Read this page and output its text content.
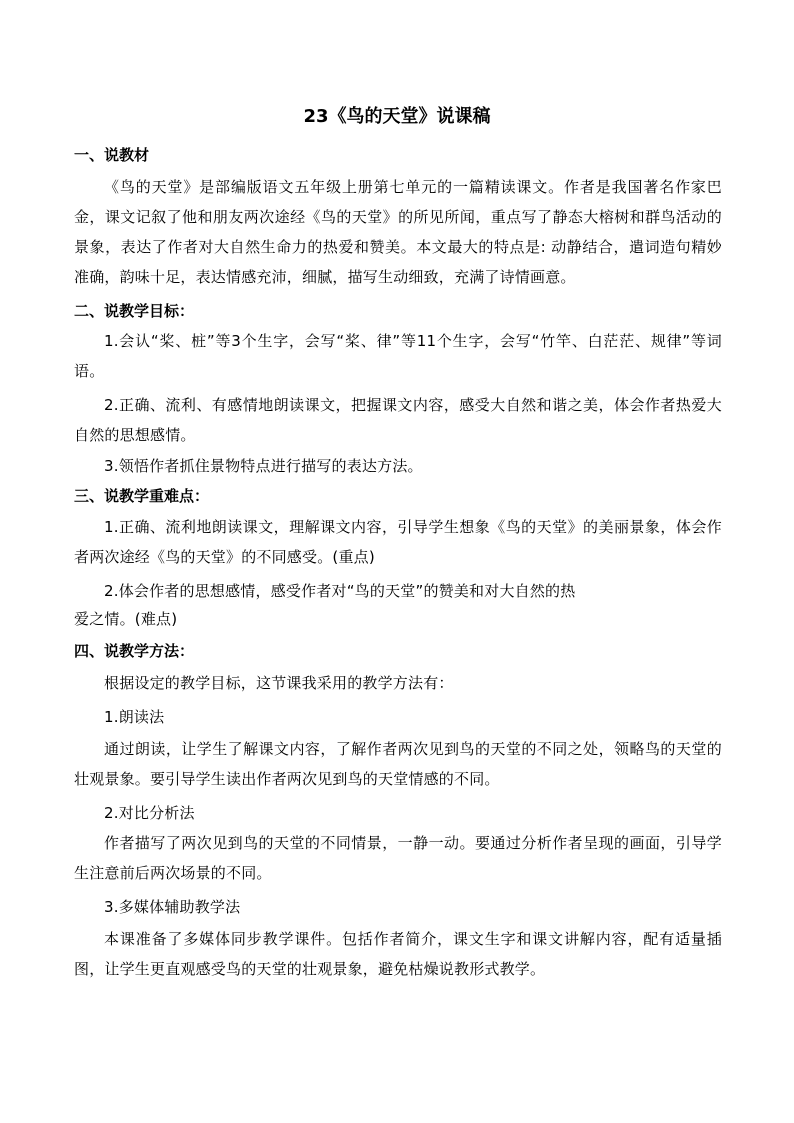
23《鸟的天堂》说课稿
一、说教材
《鸟的天堂》是部编版语文五年级上册第七单元的一篇精读课文。作者是我国著名作家巴金，课文记叙了他和朋友两次途经《鸟的天堂》的所见所闻，重点写了静态大榕树和群鸟活动的景象，表达了作者对大自然生命力的热爱和赞美。本文最大的特点是: 动静结合，遣词造句精妙准确，韵味十足，表达情感充沛，细腻，描写生动细致，充满了诗情画意。
二、说教学目标：
1.会认“桨、桩”等3个生字，会写“桨、律”等11个生字，会写“竹竿、白茫茫、规律”等词语。
2.正确、流利、有感情地朗读课文，把握课文内容，感受大自然和谐之美，体会作者热爱大自然的思想感情。
3.领悟作者抓住景物特点进行描写的表达方法。
三、说教学重难点：
1.正确、流利地朗读课文，理解课文内容，引导学生想象《鸟的天堂》的美丽景象，体会作者两次途经《鸟的天堂》的不同感受。(重点)
2.体会作者的思想感情，感受作者对“鸟的天堂”的赞美和对大自然的热
爱之情。(难点)
四、说教学方法：
根据设定的教学目标，这节课我采用的教学方法有：
1.朗读法
通过朗读，让学生了解课文内容，了解作者两次见到鸟的天堂的不同之处，领略鸟的天堂的壮观景象。要引导学生读出作者两次见到鸟的天堂情感的不同。
2.对比分析法
作者描写了两次见到鸟的天堂的不同情景，一静一动。要通过分析作者呈现的画面，引导学生注意前后两次场景的不同。
3.多媒体辅助教学法
本课准备了多媒体同步教学课件。包括作者简介，课文生字和课文讲解内容，配有适量插图，让学生更直观感受鸟的天堂的壮观景象，避免枯燥说教形式教学。
